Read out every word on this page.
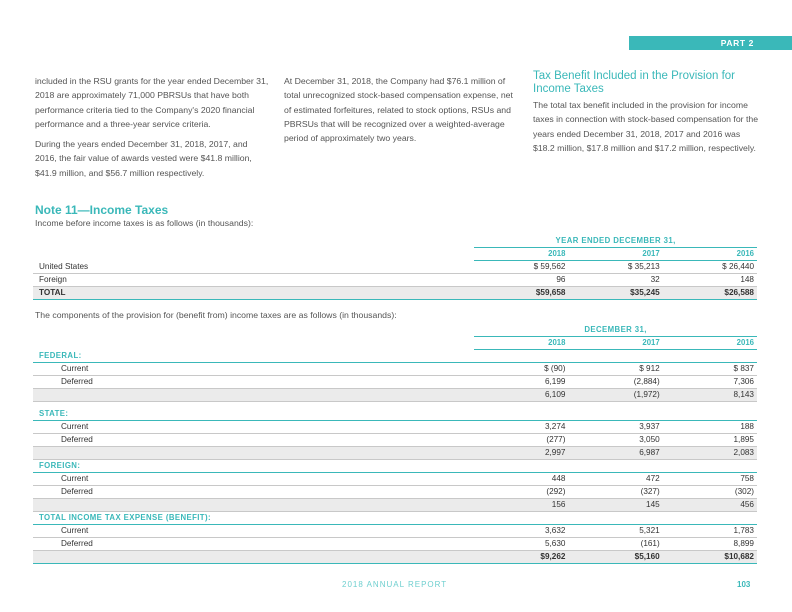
PART 2

included in the RSU grants for the year ended December 31, 2018 are approximately 71,000 PBRSUs that have both performance criteria tied to the Company's 2020 financial performance and a three-year service criteria.

During the years ended December 31, 2018, 2017, and 2016, the fair value of awards vested were $41.8 million, $41.9 million, and $56.7 million respectively.

At December 31, 2018, the Company had $76.1 million of total unrecognized stock-based compensation expense, net of estimated forfeitures, related to stock options, RSUs and PBRSUs that will be recognized over a weighted-average period of approximately two years.

Tax Benefit Included in the Provision for Income Taxes

The total tax benefit included in the provision for income taxes in connection with stock-based compensation for the years ended December 31, 2018, 2017 and 2016 was $18.2 million, $17.8 million and $17.2 million, respectively.

Note 11—Income Taxes
Income before income taxes is as follows (in thousands):
	YEAR ENDED DECEMBER 31,		
	2018	2017	2016
United States	$ 59,562	$ 35,213	$ 26,440
Foreign	96	32	148
TOTAL	$59,658	$35,245	$26,588
The components of the provision for (benefit from) income taxes are as follows (in thousands):
	DECEMBER 31,		
	2018	2017	2016
FEDERAL:			
Current	$ (90)	$ 912	$ 837
Deferred	6,199	(2,884)	7,306
	6,109	(1,972)	8,143

STATE:			
Current	3,274	3,937	188
Deferred	(277)	3,050	1,895
	2,997	6,987	2,083
FOREIGN:			
Current	448	472	758
Deferred	(292)	(327)	(302)
	156	145	456
TOTAL INCOME TAX EXPENSE (BENEFIT):			
Current	3,632	5,321	1,783
Deferred	5,630	(161)	8,899
	$9,262	$5,160	$10,682
2018 ANNUAL REPORT	103
